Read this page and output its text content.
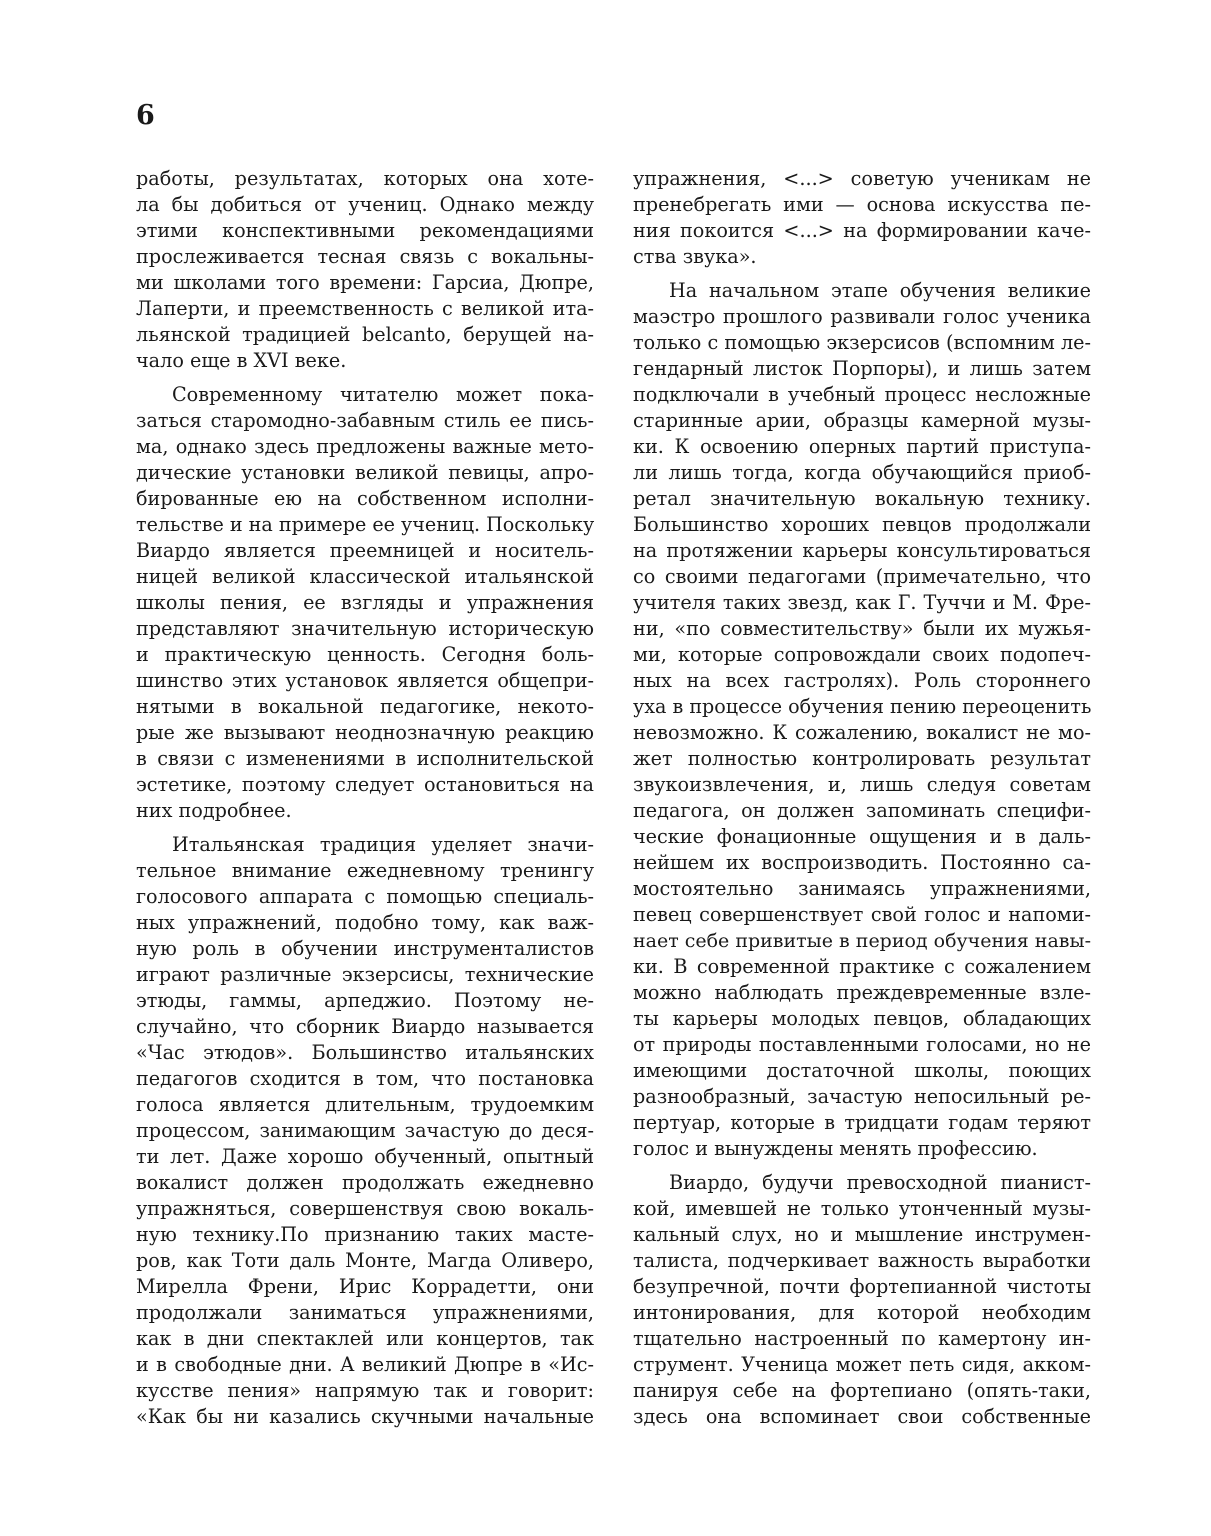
6
работы, результатах, которых она хоте-
ла бы добиться от учениц. Однако между
этими конспективными рекомендациями
прослеживается тесная связь с вокальны-
ми школами того времени: Гарсиа, Дюпре,
Лаперти, и преемственность с великой ита-
льянской традицией belcanto, берущей на-
чало еще в XVI веке.
Современному читателю может пока-
заться старомодно-забавным стиль ее пись-
ма, однако здесь предложены важные мето-
дические установки великой певицы, апро-
бированные ею на собственном исполни-
тельстве и на примере ее учениц. Поскольку
Виардо является преемницей и носитель-
ницей великой классической итальянской
школы пения, ее взгляды и упражнения
представляют значительную историческую
и практическую ценность. Сегодня боль-
шинство этих установок является общепри-
нятыми в вокальной педагогике, некото-
рые же вызывают неоднозначную реакцию
в связи с изменениями в исполнительской
эстетике, поэтому следует остановиться на
них подробнее.
Итальянская традиция уделяет значи-
тельное внимание ежедневному тренингу
голосового аппарата с помощью специаль-
ных упражнений, подобно тому, как важ-
ную роль в обучении инструменталистов
играют различные экзерсисы, технические
этюды, гаммы, арпеджио. Поэтому не-
случайно, что сборник Виардо называется
«Час этюдов». Большинство итальянских
педагогов сходится в том, что постановка
голоса является длительным, трудоемким
процессом, занимающим зачастую до деся-
ти лет. Даже хорошо обученный, опытный
вокалист должен продолжать ежедневно
упражняться, совершенствуя свою вокаль-
ную технику.По признанию таких масте-
ров, как Тоти даль Монте, Магда Оливеро,
Мирелла Френи, Ирис Коррадетти, они
продолжали заниматься упражнениями,
как в дни спектаклей или концертов, так
и в свободные дни. А великий Дюпре в «Ис-
кусстве пения» напрямую так и говорит:
«Как бы ни казались скучными начальные
упражнения, <...> советую ученикам не
пренебрегать ими — основа искусства пе-
ния покоится <...> на формировании каче-
ства звука».
На начальном этапе обучения великие
маэстро прошлого развивали голос ученика
только с помощью экзерсисов (вспомним ле-
гендарный листок Порпоры), и лишь затем
подключали в учебный процесс несложные
старинные арии, образцы камерной музы-
ки. К освоению оперных партий приступа-
ли лишь тогда, когда обучающийся приоб-
ретал значительную вокальную технику.
Большинство хороших певцов продолжали
на протяжении карьеры консультироваться
со своими педагогами (примечательно, что
учителя таких звезд, как Г. Туччи и М. Фре-
ни, «по совместительству» были их мужья-
ми, которые сопровождали своих подопеч-
ных на всех гастролях). Роль стороннего
уха в процессе обучения пению переоценить
невозможно. К сожалению, вокалист не мо-
жет полностью контролировать результат
звукоизвлечения, и, лишь следуя советам
педагога, он должен запоминать специфи-
ческие фонационные ощущения и в даль-
нейшем их воспроизводить. Постоянно са-
мостоятельно занимаясь упражнениями,
певец совершенствует свой голос и напоми-
нает себе привитые в период обучения навы-
ки. В современной практике с сожалением
можно наблюдать преждевременные взле-
ты карьеры молодых певцов, обладающих
от природы поставленными голосами, но не
имеющими достаточной школы, поющих
разнообразный, зачастую непосильный ре-
пертуар, которые в тридцати годам теряют
голос и вынуждены менять профессию.
Виардо, будучи превосходной пианист-
кой, имевшей не только утонченный музы-
кальный слух, но и мышление инструмен-
талиста, подчеркивает важность выработки
безупречной, почти фортепианной чистоты
интонирования, для которой необходим
тщательно настроенный по камертону ин-
струмент. Ученица может петь сидя, акком-
панируя себе на фортепиано (опять-таки,
здесь она вспоминает свои собственные
